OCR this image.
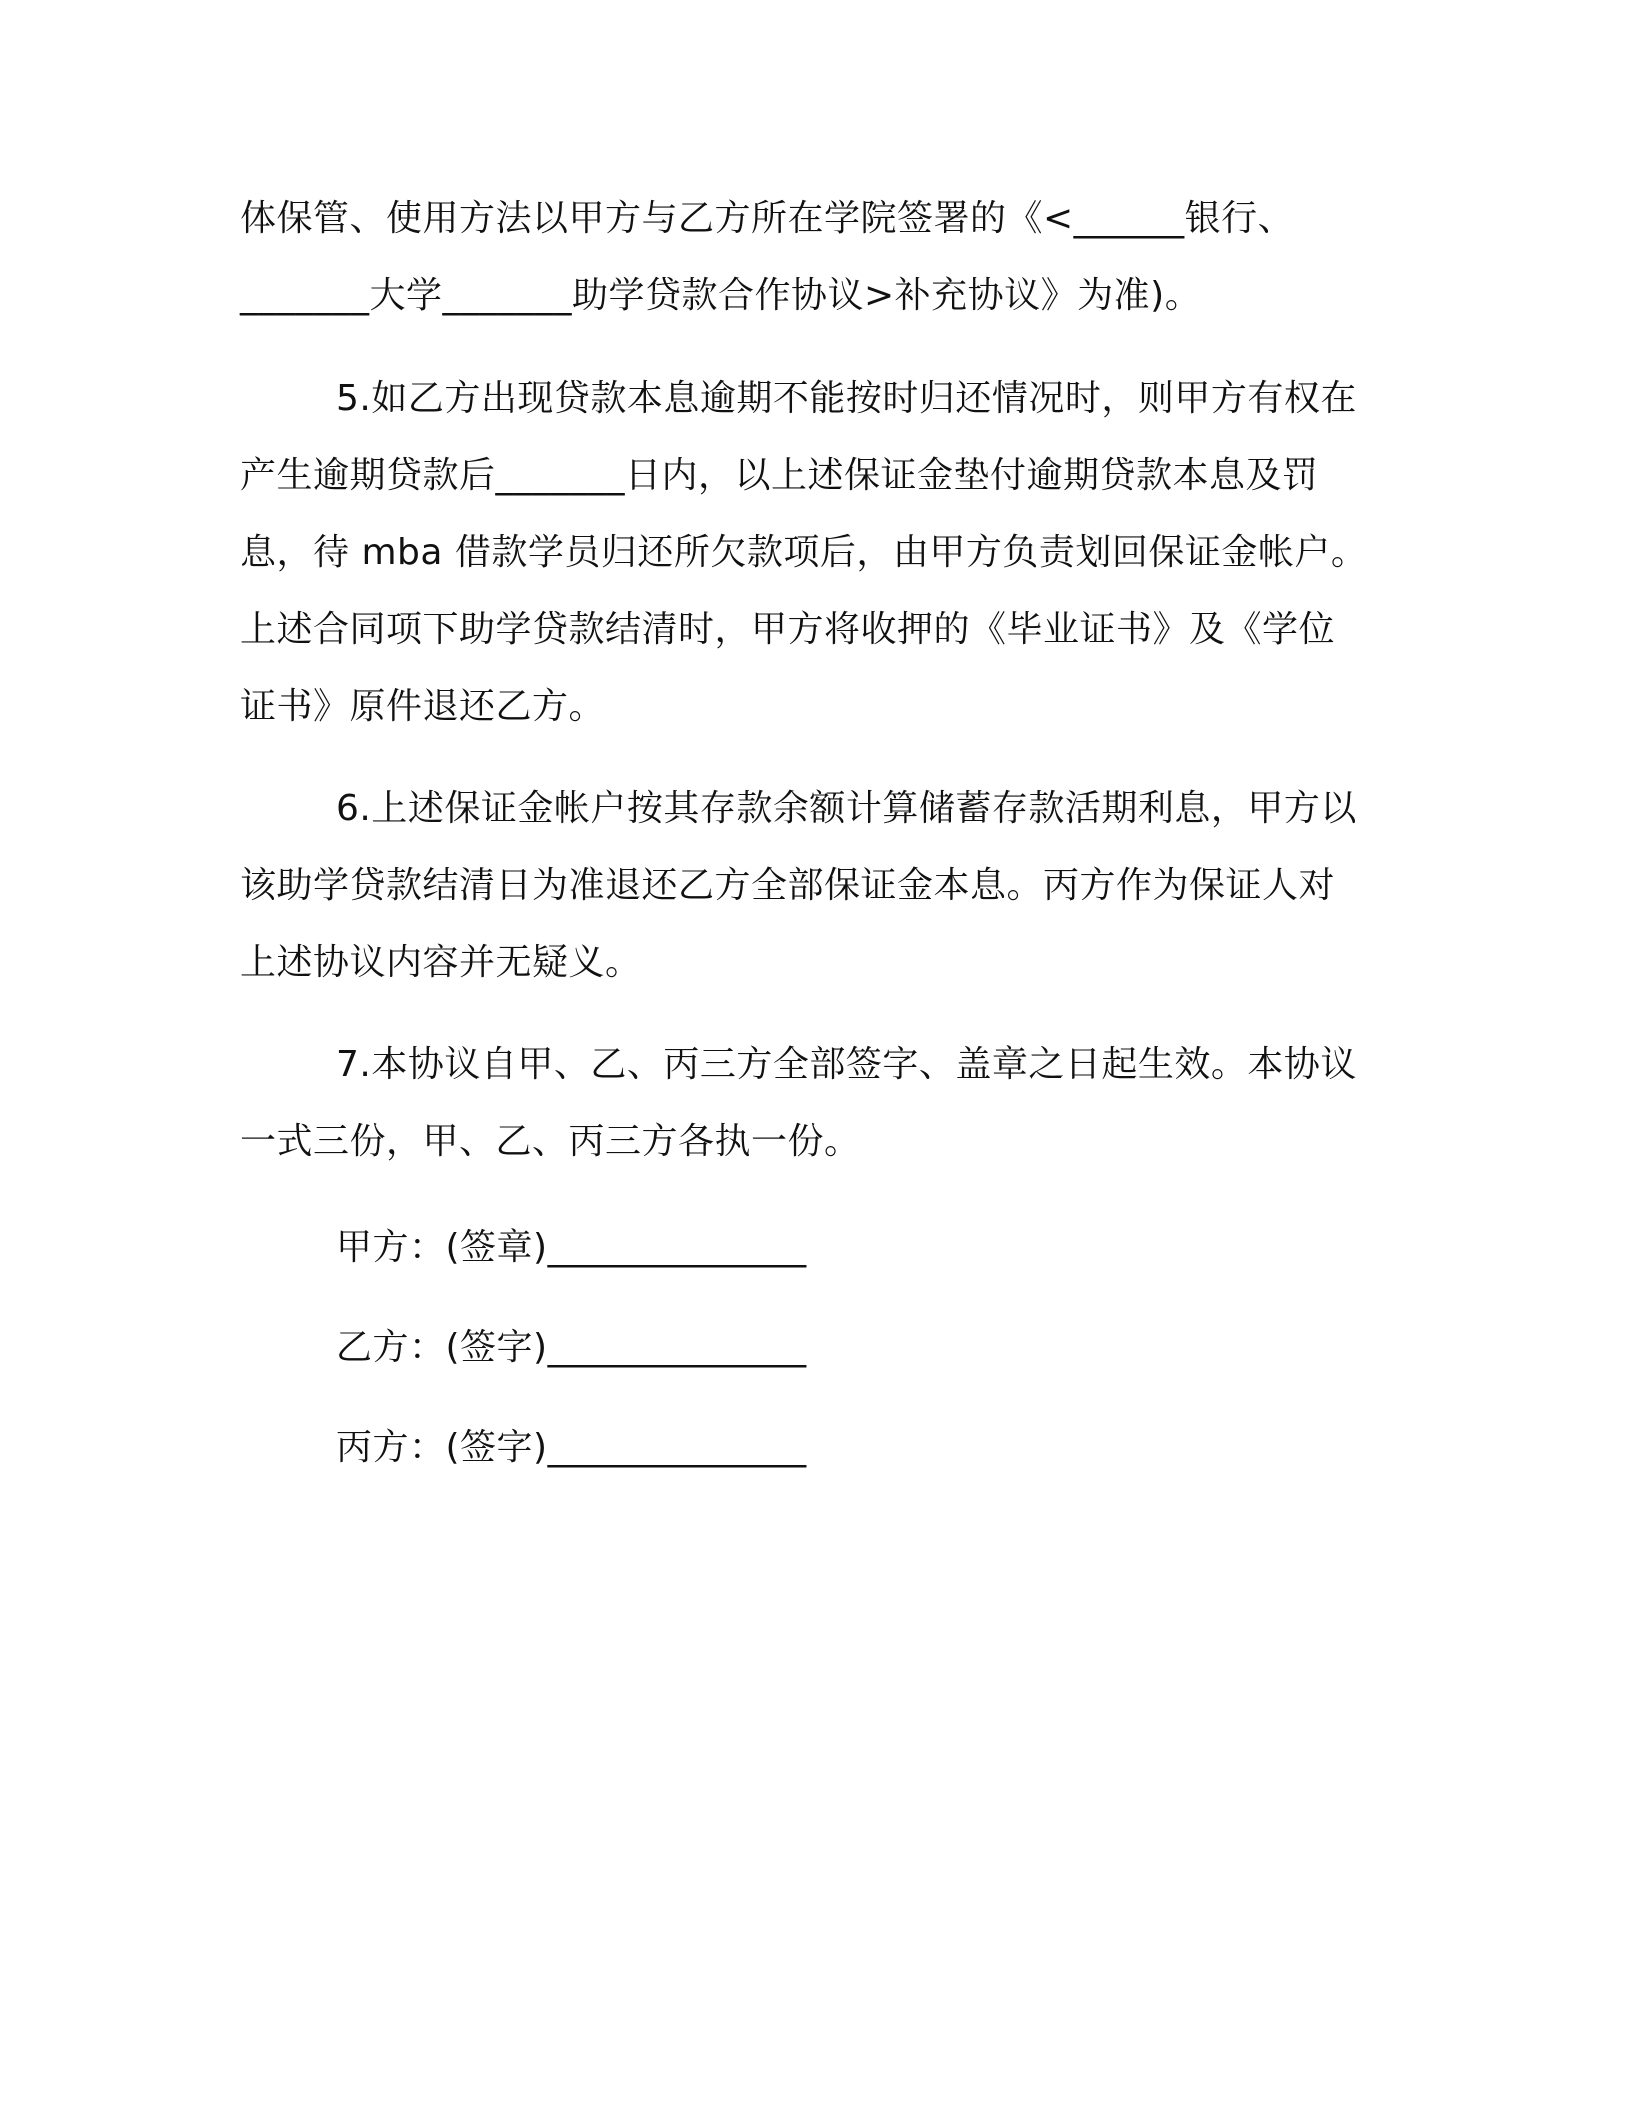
体保管、使用方法以甲方与乙方所在学院签署的《<______银行、
_______大学_______助学贷款合作协议>补充协议》为准)。
5.如乙方出现贷款本息逾期不能按时归还情况时，则甲方有权在
产生逾期贷款后_______日内，以上述保证金垫付逾期贷款本息及罚
息，待 mba 借款学员归还所欠款项后，由甲方负责划回保证金帐户。
上述合同项下助学贷款结清时，甲方将收押的《毕业证书》及《学位
证书》原件退还乙方。
6.上述保证金帐户按其存款余额计算储蓄存款活期利息，甲方以
该助学贷款结清日为准退还乙方全部保证金本息。丙方作为保证人对
上述协议内容并无疑义。
7.本协议自甲、乙、丙三方全部签字、盖章之日起生效。本协议
一式三份，甲、乙、丙三方各执一份。
甲方：(签章)______________
乙方：(签字)______________
丙方：(签字)______________
